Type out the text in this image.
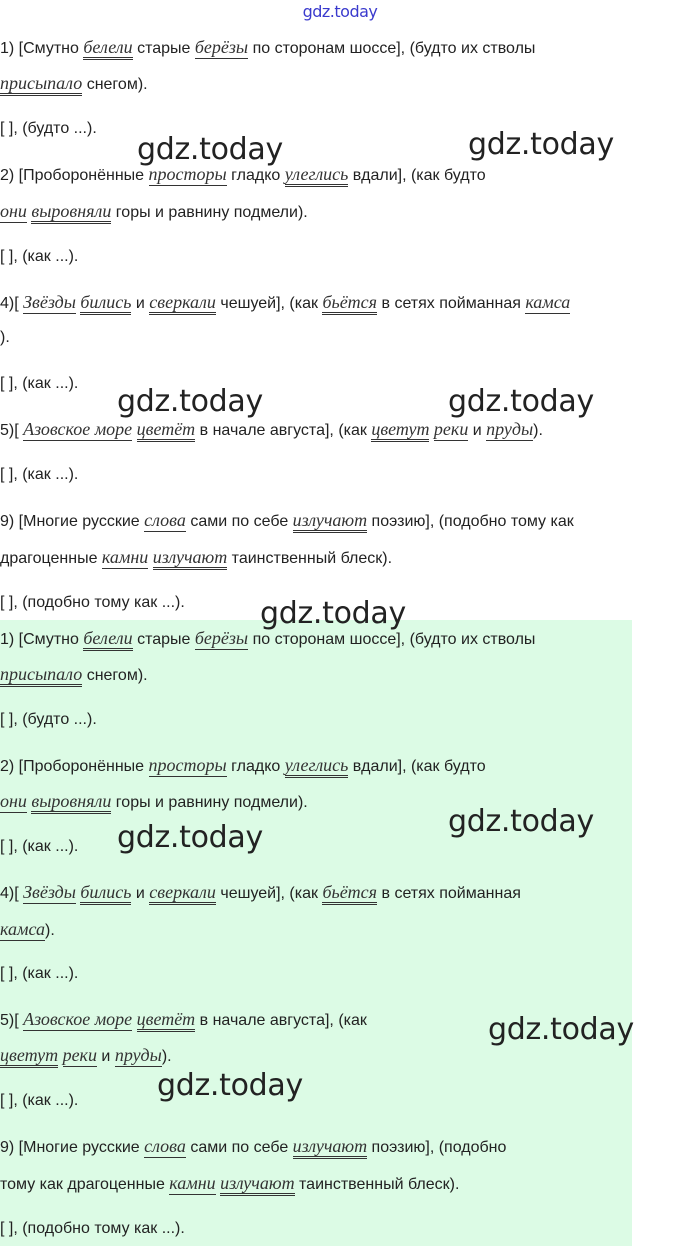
gdz.today
1) [Смутно белели старые берёзы по сторонам шоссе], (будто их стволы
присыпало снегом).
[ ], (будто ...).
2) [Проборонённые просторы гладко улеглись вдали], (как будто
они выровняли горы и равнину подмели).
[ ], (как ...).
4)[ Звёзды бились и сверкали чешуей], (как бьётся в сетях пойманная камса
).
[ ], (как ...).
5)[ Азовское море цветёт в начале августа], (как цветут реки и пруды).
[ ], (как ...).
9) [Многие русские слова сами по себе излучают поэзию], (подобно тому как
драгоценные камни излучают таинственный блеск).
[ ], (подобно тому как ...).
1) [Смутно белели старые берёзы по сторонам шоссе], (будто их стволы
присыпало снегом).
[ ], (будто ...).
2) [Проборонённые просторы гладко улеглись вдали], (как будто
они выровняли горы и равнину подмели).
[ ], (как ...).
4)[ Звёзды бились и сверкали чешуей], (как бьётся в сетях пойманная
камса).
[ ], (как ...).
5)[ Азовское море цветёт в начале августа], (как
цветут реки и пруды).
[ ], (как ...).
9) [Многие русские слова сами по себе излучают поэзию], (подобно
тому как драгоценные камни излучают таинственный блеск).
[ ], (подобно тому как ...).
gdz.today	gdz.today
gdz.today	gdz.today
gdz.today
gdz.today	gdz.today
gdz.today
gdz.today
